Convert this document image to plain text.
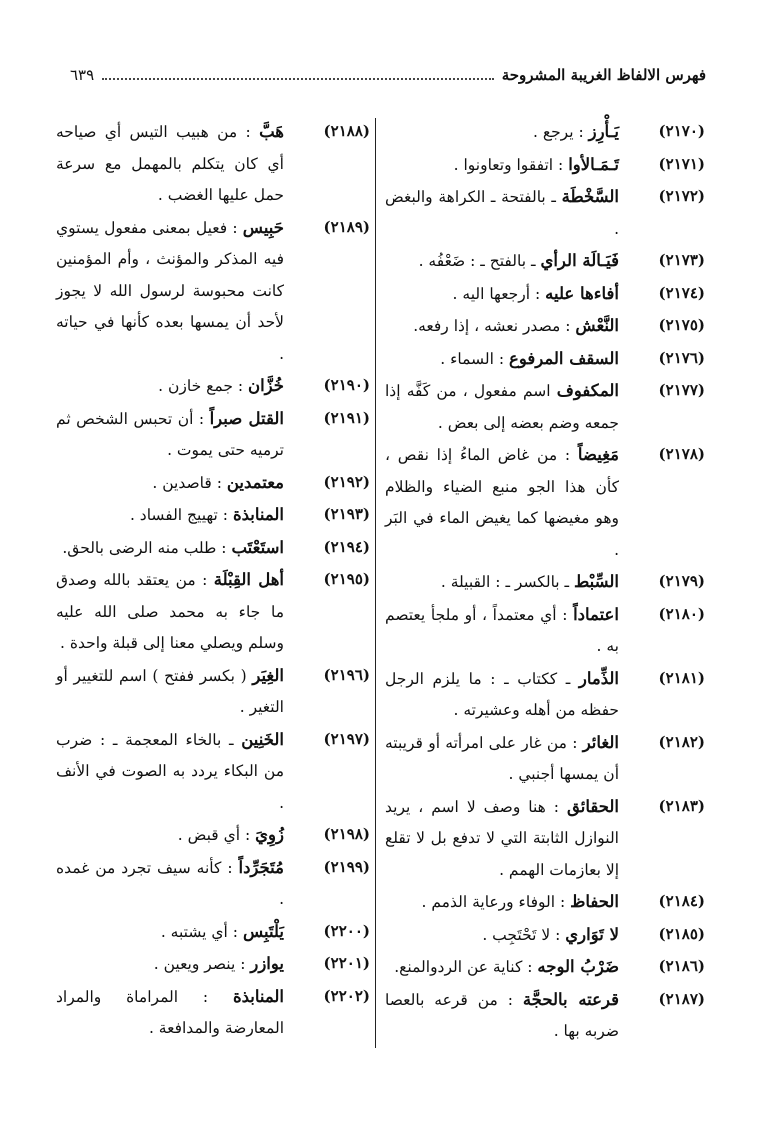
فهرس الالفاظ الغريبة المشروحة
٦٣٩
(٢١٧٠)
يَـأْرِز : يرجع .
(٢١٧١)
تَـمَـالأوا : اتفقوا وتعاونوا .
(٢١٧٢)
السَّخْطَة ـ بالفتحة ـ الكراهة والبغض .
(٢١٧٣)
فَيَـالَة الرأي ـ بالفتح ـ : ضَعْفُه .
(٢١٧٤)
أفاءها عليه : أرجعها اليه .
(٢١٧٥)
النَّعْش : مصدر نعشه ، إذا رفعه.
(٢١٧٦)
السقف المرفوع : السماء .
(٢١٧٧)
المكفوف اسم مفعول ، من كَفَّه إذا جمعه وضم بعضه إلى بعض .
(٢١٧٨)
مَغِيضاً : من غاض الماءُ إذا نقص ، كأن هذا الجو منبع الضياء والظلام وهو مغيضها كما يغيض الماء في البَر .
(٢١٧٩)
السِّبْط ـ بالكسر ـ : القبيلة .
(٢١٨٠)
اعتماداً : أي معتمداً ، أو ملجأ يعتصم به .
(٢١٨١)
الذِّمار ـ ككتاب ـ : ما يلزم الرجل حفظه من أهله وعشيرته .
(٢١٨٢)
الغائر : من غار على امرأته أو قريبته أن يمسها أجنبي .
(٢١٨٣)
الحقائق : هنا وصف لا اسم ، يريد النوازل الثابتة التي لا تدفع بل لا تقلع إلا بعازمات الهمم .
(٢١٨٤)
الحفاظ : الوفاء ورعاية الذمم .
(٢١٨٥)
لا تَوَاري : لا تَحْتَجِب .
(٢١٨٦)
ضَرْبُ الوجه : كناية عن الردوالمنع.
(٢١٨٧)
قرعته بالحجَّة : من قرعه بالعصا ضربه بها .
(٢١٨٨)
هَبَّ : من هبيب التيس أي صياحه أي كان يتكلم بالمهمل مع سرعة حمل عليها الغضب .
(٢١٨٩)
حَبِيس : فعيل بمعنى مفعول يستوي فيه المذكر والمؤنث ، وأم المؤمنين كانت محبوسة لرسول الله لا يجوز لأحد أن يمسها بعده كأنها في حياته .
(٢١٩٠)
خُزَّان : جمع خازن .
(٢١٩١)
القتل صبراً : أن تحبس الشخص ثم ترميه حتى يموت .
(٢١٩٢)
معتمدين : قاصدين .
(٢١٩٣)
المنابذة : تهييج الفساد .
(٢١٩٤)
استَعْتَب : طلب منه الرضى بالحق.
(٢١٩٥)
أهل القِبْلَة : من يعتقد بالله وصدق ما جاء به محمد صلى الله عليه وسلم ويصلي معنا إلى قبلة واحدة .
(٢١٩٦)
الغِيَر ( بكسر ففتح ) اسم للتغيير أو التغير .
(٢١٩٧)
الخَنِين ـ بالخاء المعجمة ـ : ضرب من البكاء يردد به الصوت في الأنف .
(٢١٩٨)
زُوِيَ : أي قبض .
(٢١٩٩)
مُتَجَرِّداً : كأنه سيف تجرد من غمده .
(٢٢٠٠)
يَلْتَبِس : أي يشتبه .
(٢٢٠١)
يوازر : ينصر ويعين .
(٢٢٠٢)
المنابذة : المراماة والمراد المعارضة والمدافعة .
